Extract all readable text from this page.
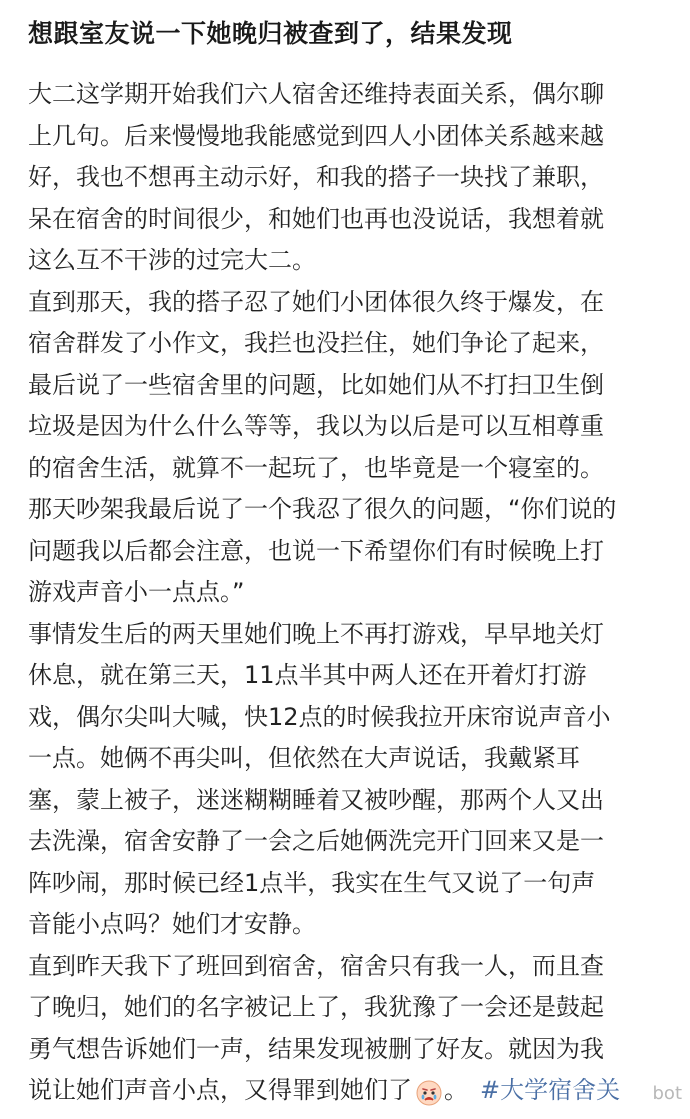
想跟室友说一下她晚归被查到了，结果发现
大二这学期开始我们六人宿舍还维持表面关系，偶尔聊
上几句。后来慢慢地我能感觉到四人小团体关系越来越
好，我也不想再主动示好，和我的搭子一块找了兼职，
呆在宿舍的时间很少，和她们也再也没说话，我想着就
这么互不干涉的过完大二。
直到那天，我的搭子忍了她们小团体很久终于爆发，在
宿舍群发了小作文，我拦也没拦住，她们争论了起来，
最后说了一些宿舍里的问题，比如她们从不打扫卫生倒
垃圾是因为什么什么等等，我以为以后是可以互相尊重
的宿舍生活，就算不一起玩了，也毕竟是一个寝室的。
那天吵架我最后说了一个我忍了很久的问题，“你们说的
问题我以后都会注意，也说一下希望你们有时候晚上打
游戏声音小一点点。”
事情发生后的两天里她们晚上不再打游戏，早早地关灯
休息，就在第三天，11点半其中两人还在开着灯打游
戏，偶尔尖叫大喊，快12点的时候我拉开床帘说声音小
一点。她俩不再尖叫，但依然在大声说话，我戴紧耳
塞，蒙上被子，迷迷糊糊睡着又被吵醒，那两个人又出
去洗澡，宿舍安静了一会之后她俩洗完开门回来又是一
阵吵闹，那时候已经1点半，我实在生气又说了一句声
音能小点吗？她们才安静。
直到昨天我下了班回到宿舍，宿舍只有我一人，而且查
了晚归，她们的名字被记上了，我犹豫了一会还是鼓起
勇气想告诉她们一声，结果发现被删了好友。就因为我
说让她们声音小点，又得罪到她们了 。 #大学宿舍关 bot
